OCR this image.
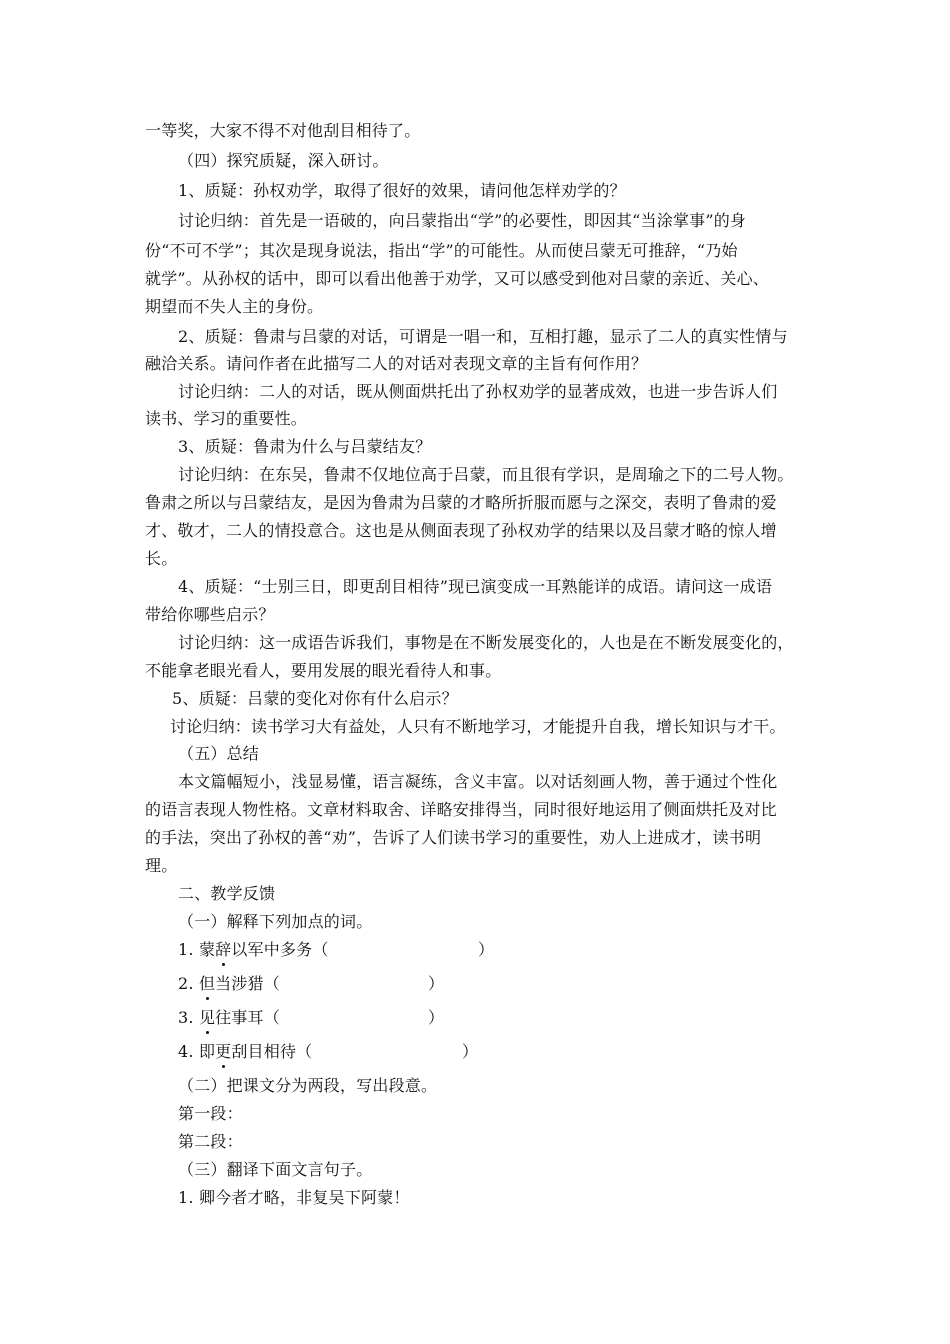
一等奖，大家不得不对他刮目相待了。
（四）探究质疑，深入研讨。
1、质疑：孙权劝学，取得了很好的效果，请问他怎样劝学的？
讨论归纳：首先是一语破的，向吕蒙指出“学”的必要性，即因其“当涂掌事”的身
份“不可不学”；其次是现身说法，指出“学”的可能性。从而使吕蒙无可推辞，“乃始
就学”。从孙权的话中，即可以看出他善于劝学，又可以感受到他对吕蒙的亲近、关心、
期望而不失人主的身份。
2、质疑：鲁肃与吕蒙的对话，可谓是一唱一和，互相打趣，显示了二人的真实性情与
融洽关系。请问作者在此描写二人的对话对表现文章的主旨有何作用？
讨论归纳：二人的对话，既从侧面烘托出了孙权劝学的显著成效，也进一步告诉人们
读书、学习的重要性。
3、质疑：鲁肃为什么与吕蒙结友？
讨论归纳：在东吴，鲁肃不仅地位高于吕蒙，而且很有学识，是周瑜之下的二号人物。
鲁肃之所以与吕蒙结友，是因为鲁肃为吕蒙的才略所折服而愿与之深交，表明了鲁肃的爱
才、敬才，二人的情投意合。这也是从侧面表现了孙权劝学的结果以及吕蒙才略的惊人增
长。
4、质疑：“士别三日，即更刮目相待”现已演变成一耳熟能详的成语。请问这一成语
带给你哪些启示？
讨论归纳：这一成语告诉我们，事物是在不断发展变化的，人也是在不断发展变化的，
不能拿老眼光看人，要用发展的眼光看待人和事。
5、质疑：吕蒙的变化对你有什么启示？
讨论归纳：读书学习大有益处，人只有不断地学习，才能提升自我，增长知识与才干。
（五）总结
本文篇幅短小，浅显易懂，语言凝练，含义丰富。以对话刻画人物，善于通过个性化
的语言表现人物性格。文章材料取舍、详略安排得当，同时很好地运用了侧面烘托及对比
的手法，突出了孙权的善“劝”，告诉了人们读书学习的重要性，劝人上进成才，读书明
理。
二、教学反馈
（一）解释下列加点的词。
1. 蒙辞以军中多务（	）
2. 但当涉猎（	）
3. 见往事耳（	）
4. 即更刮目相待（	）
（二）把课文分为两段，写出段意。
第一段：
第二段：
（三）翻译下面文言句子。
1. 卿今者才略，非复吴下阿蒙！
